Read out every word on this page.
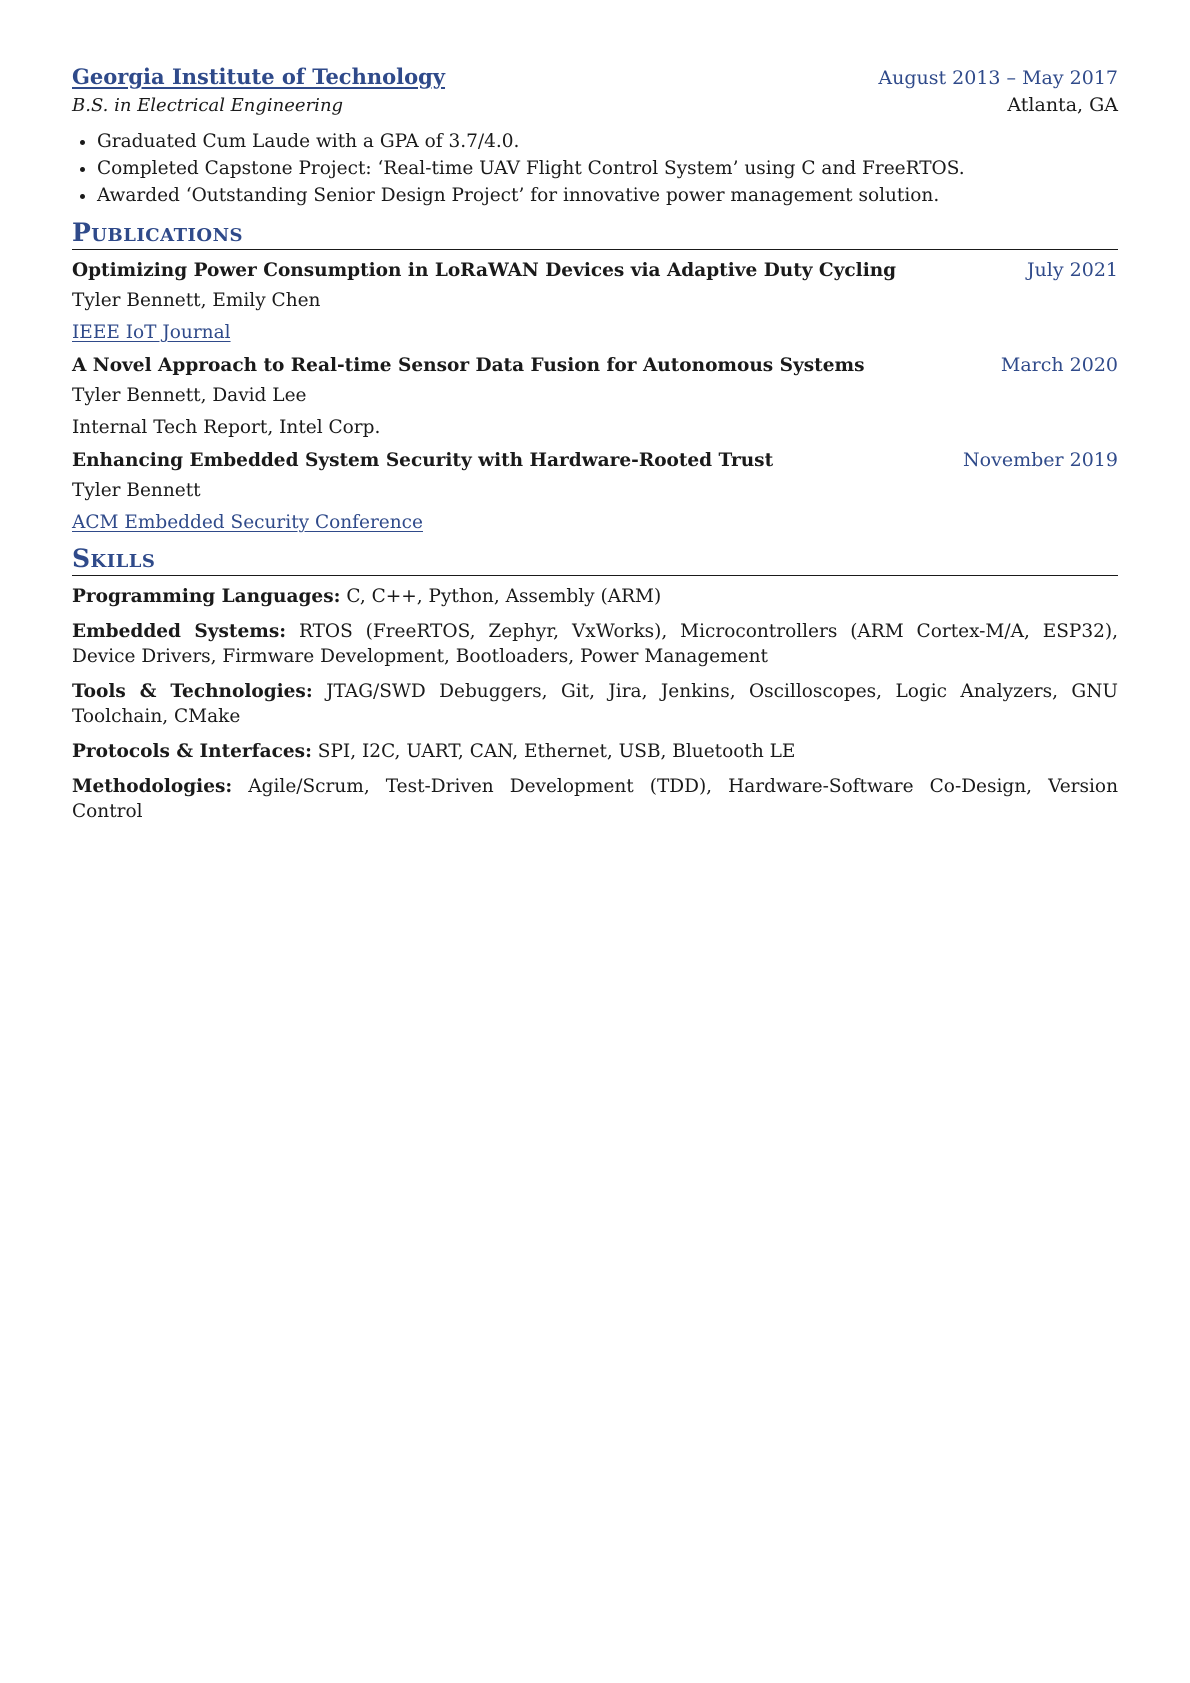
Georgia Institute of Technology	August 2013 – May 2017
B.S. in Electrical Engineering	Atlanta, GA
• Graduated Cum Laude with a GPA of 3.7/4.0.
• Completed Capstone Project: ‘Real-time UAV Flight Control System’ using C and FreeRTOS.
• Awarded ‘Outstanding Senior Design Project’ for innovative power management solution.
Publications
Optimizing Power Consumption in LoRaWAN Devices via Adaptive Duty Cycling	July 2021
Tyler Bennett, Emily Chen
IEEE IoT Journal
A Novel Approach to Real-time Sensor Data Fusion for Autonomous Systems	March 2020
Tyler Bennett, David Lee
Internal Tech Report, Intel Corp.
Enhancing Embedded System Security with Hardware-Rooted Trust	November 2019
Tyler Bennett
ACM Embedded Security Conference
Skills
Programming Languages: C, C++, Python, Assembly (ARM)
Embedded Systems: RTOS (FreeRTOS, Zephyr, VxWorks), Microcontrollers (ARM Cortex-M/A, ESP32), Device Drivers, Firmware Development, Bootloaders, Power Management
Tools & Technologies: JTAG/SWD Debuggers, Git, Jira, Jenkins, Oscilloscopes, Logic Analyzers, GNU Toolchain, CMake
Protocols & Interfaces: SPI, I2C, UART, CAN, Ethernet, USB, Bluetooth LE
Methodologies: Agile/Scrum, Test-Driven Development (TDD), Hardware-Software Co-Design, Version Control
